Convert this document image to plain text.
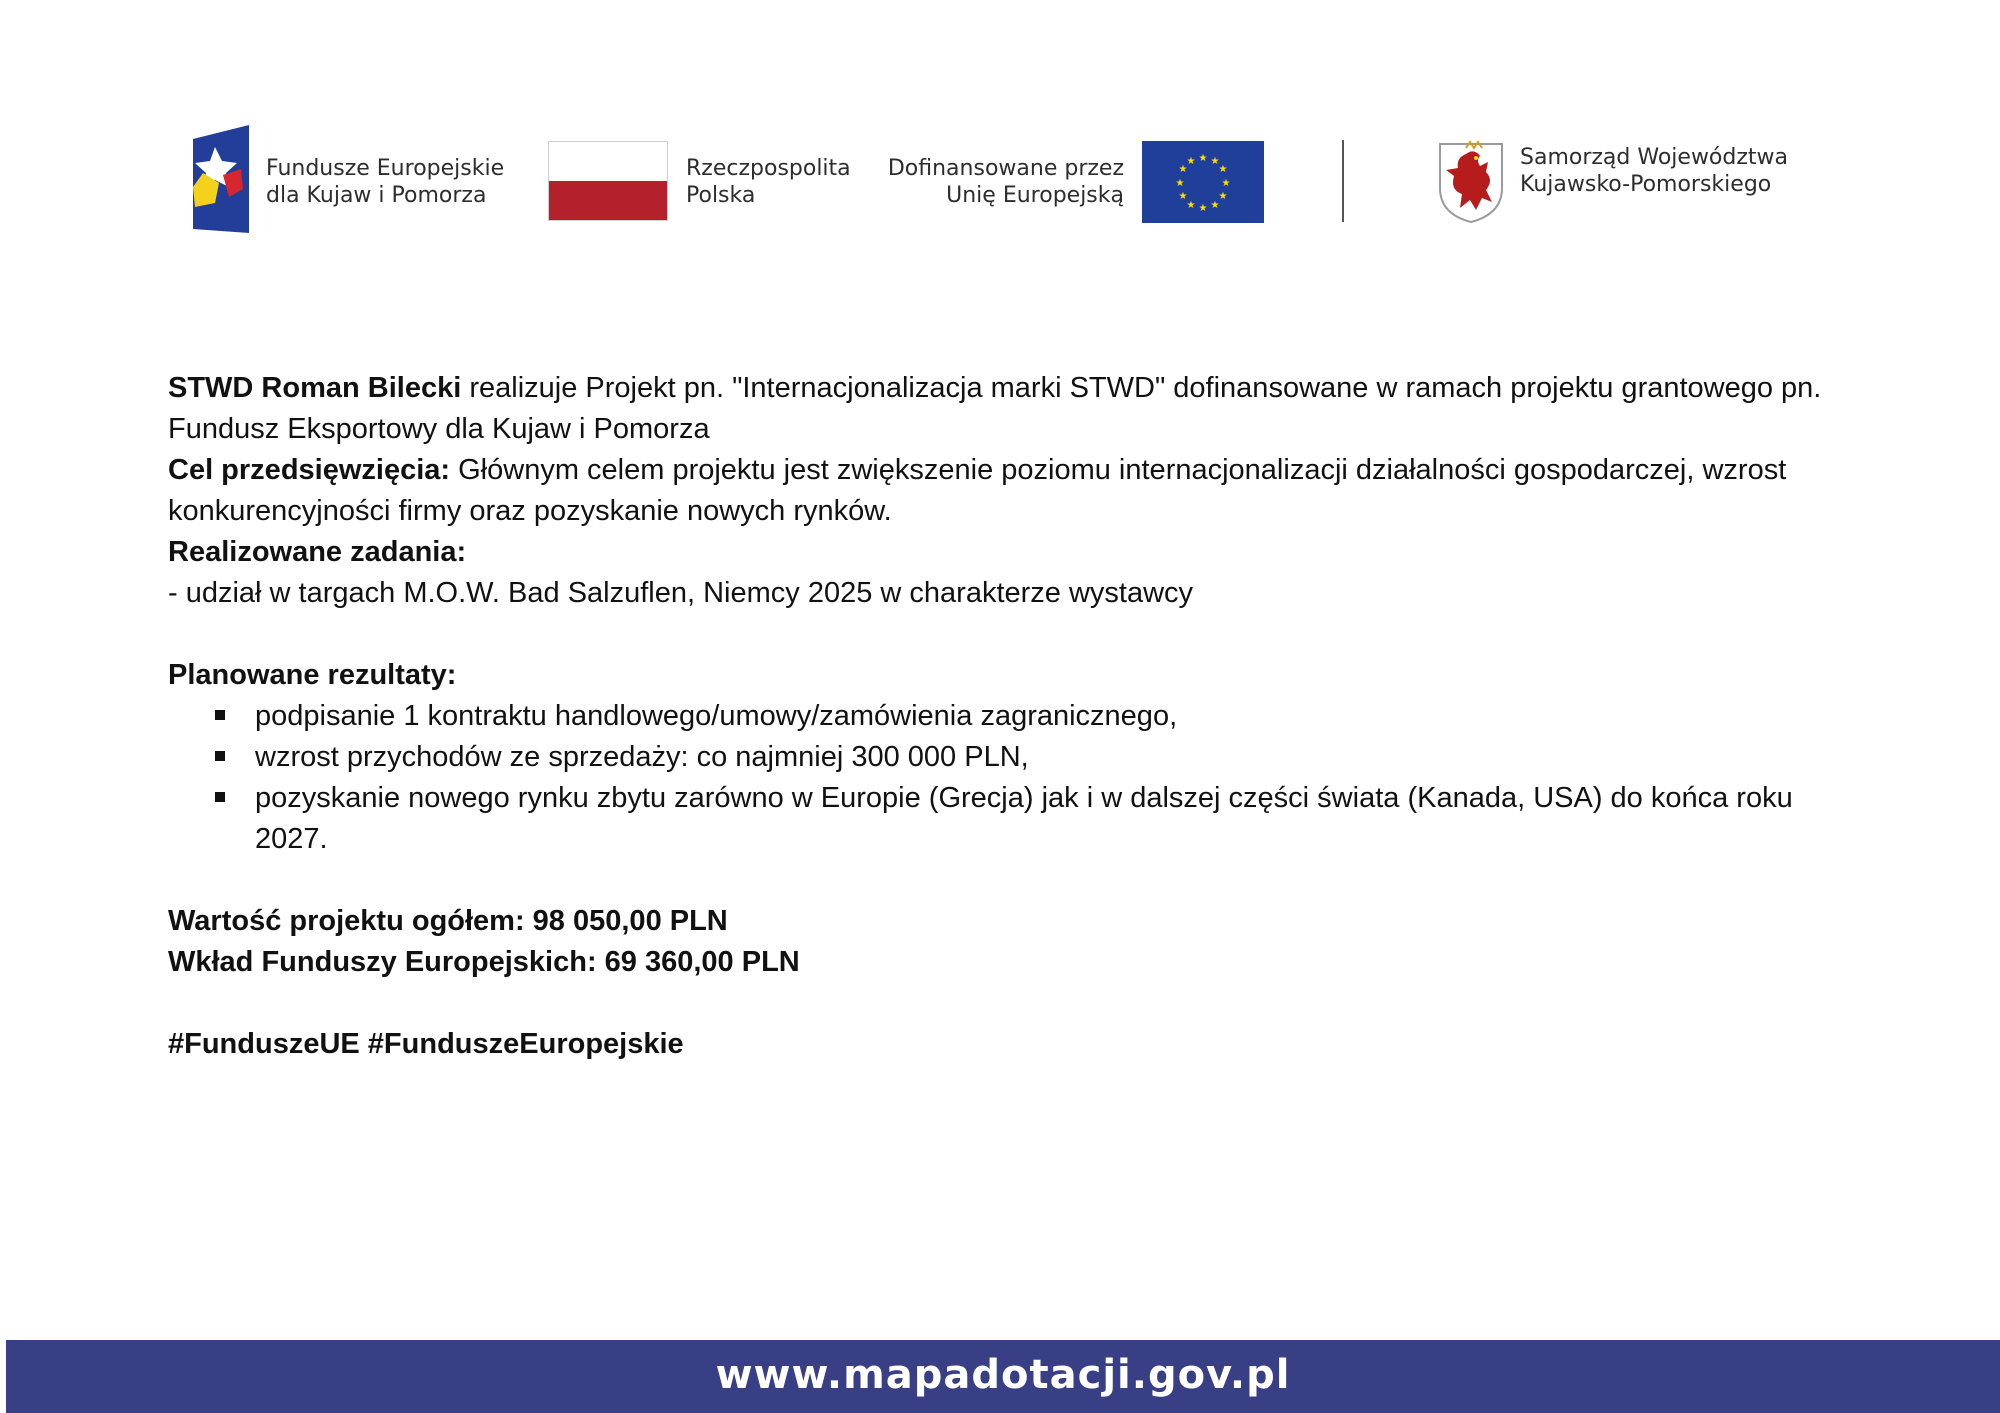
Fundusze Europejskie
dla Kujaw i Pomorza
Rzeczpospolita
Polska
Dofinansowane przez
Unię Europejską
★ ★
★
★
★
★
★
★
★
★
★
★	Samorząd Województwa
Kujawsko-Pomorskiego

STWD Roman Bilecki realizuje Projekt pn. "Internacjonalizacja marki STWD" dofinansowane w ramach projektu grantowego pn. Fundusz Eksportowy dla Kujaw i Pomorza

Cel przedsięwzięcia: Głównym celem projektu jest zwiększenie poziomu internacjonalizacji działalności gospodarczej, wzrost konkurencyjności firmy oraz pozyskanie nowych rynków.

Realizowane zadania:

- udział w targach M.O.W. Bad Salzuflen, Niemcy 2025 w charakterze wystawcy

Planowane rezultaty:

podpisanie 1 kontraktu handlowego/umowy/zamówienia zagranicznego,
wzrost przychodów ze sprzedaży: co najmniej 300 000 PLN,
pozyskanie nowego rynku zbytu zarówno w Europie (Grecja) jak i w dalszej części świata (Kanada, USA) do końca roku 2027.

Wartość projektu ogółem: 98 050,00 PLN

Wkład Funduszy Europejskich: 69 360,00 PLN

#FunduszeUE #FunduszeEuropejskie

www.mapadotacji.gov.pl
